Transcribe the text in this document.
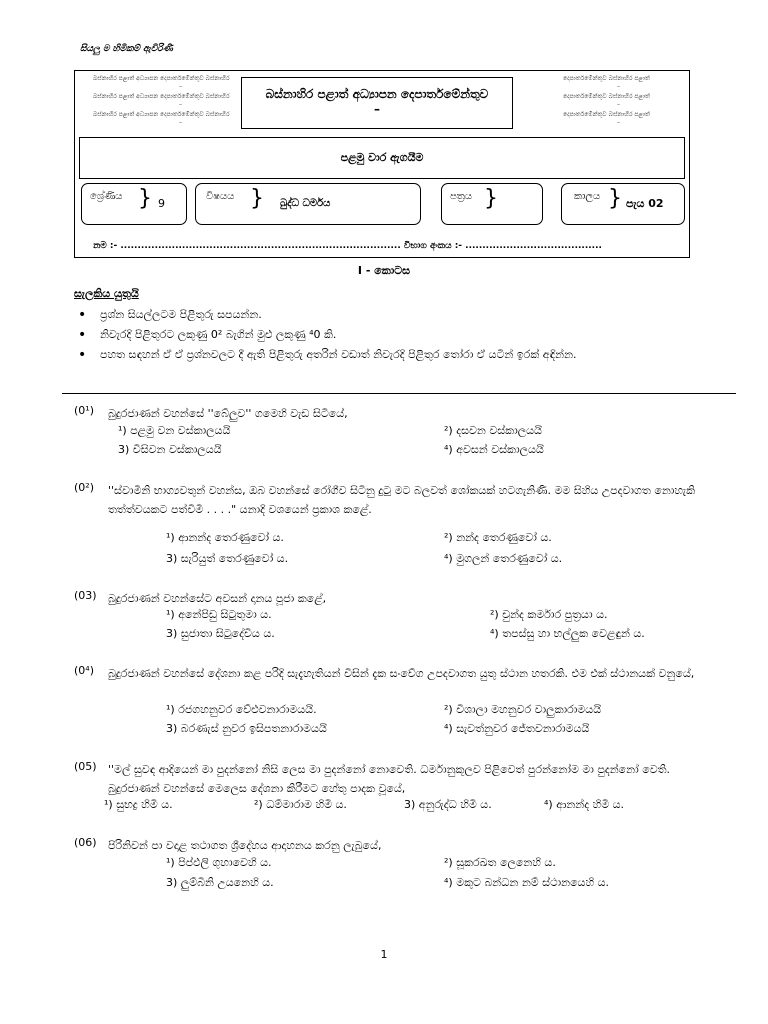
සියලු ම හිමිකම් ඇවිරිණි
බස්නාහිර පළාත් අධ්‍යාපන දෙපාර්තමේන්තුව බස්නාහිර
–
බස්නාහිර පළාත් අධ්‍යාපන දෙපාර්තමේන්තුව බස්නාහිර
–
බස්නාහිර පළාත් අධ්‍යාපන දෙපාර්තමේන්තුව බස්නාහිර
–
දෙපාර්තමේන්තුව බස්නාහිර පළාත්
–
දෙපාර්තමේන්තුව බස්නාහිර පළාත්
–
දෙපාර්තමේන්තුව බස්නාහිර පළාත්
–
බස්නාහිර පළාත් අධ්‍යාපන දෙපාර්තමේන්තුව
–
පළමු වාර ඇගයීම
ශ්‍රේණිය } 9
විෂයය } බුද්ධ ධර්මය
පත්‍රය }	කාලය } පැය 02
නම :- .................................................................................. විභාග අංකය :- ........................................
I - කොටස
සැලකිය යුතුයි
• ප්‍රශ්න සියල්ලටම පිළිතුරු සපයන්න.
• නිවැරදි පිළිතුරට ලකුණු 0² බැගින් මුළු ලකුණු ⁴0 කි.
• පහත සඳහන් ඒ ඒ ප්‍රශ්නවලට දී ඇති පිළිතුරු අතරින් වඩාත් නිවැරදි පිළිතුර තෝරා ඒ යටින් ඉරක් අඳින්න.
(0¹) බුදුරජාණන් වහන්සේ ''බේලුව'' ගමෙහි වැඩ සිටියේ,
¹) පළමු වන වස්කාලයයි	²) දසවන වස්කාලයයි
3) විසිවන වස්කාලයයි	⁴) අවසන් වස්කාලයයි
(0²) ''ස්වාමීනි භාග්‍යවතුන් වහන්ස, ඔබ වහන්සේ රෝගීව සිටිනු දුටු මට බලවත් ශෝකයක් හටගැනිණි. මම සිහිය උපදවාගත නොහැකි තත්ත්වයකට පත්විමි . . . ." යනාදි වශයෙන් ප්‍රකාශ කළේ.
¹) ආනන්ද තෙරණුවෝ ය.	²) නන්ද තෙරණුවෝ ය.
3) සැරියුත් තෙරණුවෝ ය.	⁴) මුගලන් තෙරණුවෝ ය.
(03) බුදුරජාණන් වහන්සේට අවසන් දානය පූජා කළේ,
¹) අනේපිඩු සිටුතුමා ය.	²) චුන්ද කර්මාර පුත්‍රයා ය.
3) සුජාතා සිටුදේවිය ය.	⁴) තපස්සු හා භල්ලුක වෙළඳුන් ය.
(0⁴) බුදුරජාණන් වහන්සේ දේශනා කළ පරිදි සැදැහැතියන් විසින් දැක සංවේග උපදවාගත යුතු ස්ථාන හතරකි. එම එක් ස්ථානයක් වනුයේ,
¹) රජගහනුවර වේළුවනාරාමයයි.	²) විශාලා මහනුවර වාලුකාරාමයයි
3) බරණැස් නුවර ඉසිපතනාරාමයයි	⁴) සැවත්නුවර ජේතවනාරාමයයි
(05) ''මල් සුවඳ ආදියෙන් මා පුදන්නෝ නිසි ලෙස මා පුදන්නෝ නොවෙති. ධර්මානුකූලව පිළිවෙත් පුරන්නෝම මා පුදන්නෝ වෙති. බුදුරජාණන් වහන්සේ මෙලෙස දේශනා කිරීමට හේතු පාදක වූයේ,
¹) සුභද්‍ර හිමි ය.	²) ධම්මාරාම හිමි ය.	3) අනුරුද්ධ හිමි ය.	⁴) ආනන්ද හිමි ය.
(06) පිරිනිවන් පා වදාළ තථාගත ශ්‍රීදේහය ආදාහනය කරනු ලැබුයේ,
¹) පිප්ඵලි ගුහාවෙහි ය.	²) සූකරඛත ලෙනෙහි ය.
3) ලුම්බිනි උයනෙහි ය.	⁴) මකුට බන්ධන නම් ස්ථානයෙහි ය.
1
